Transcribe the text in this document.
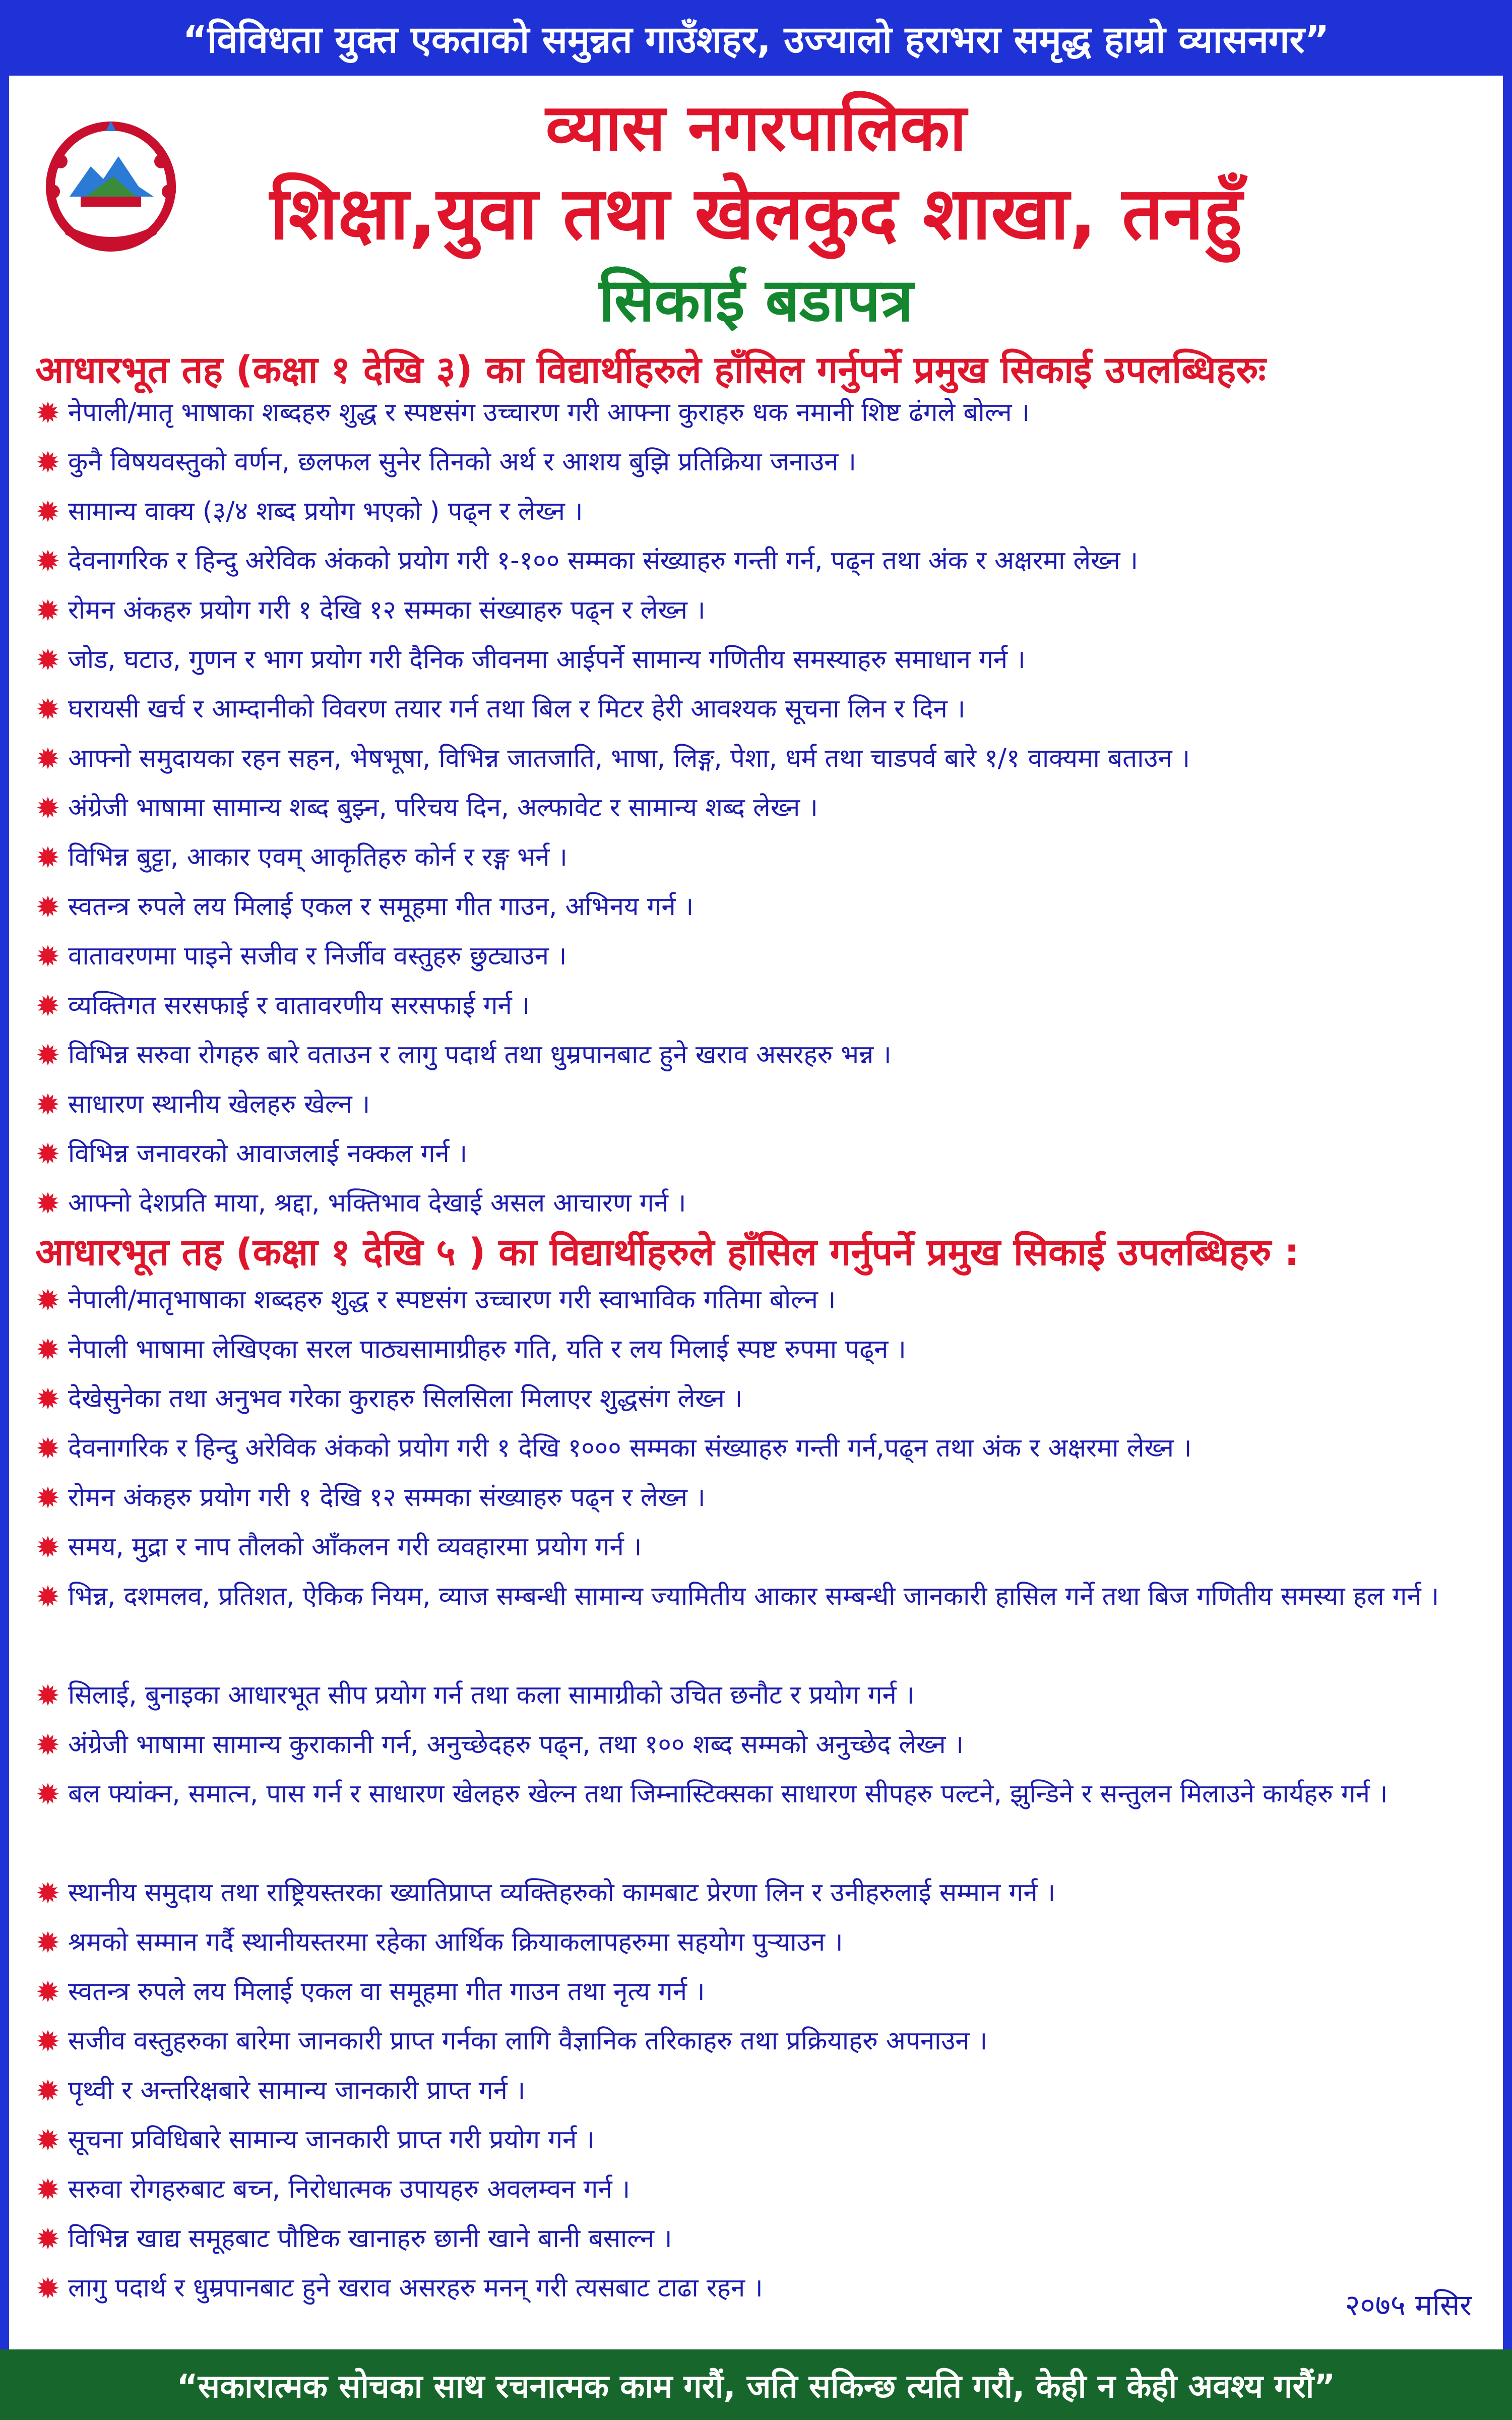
“विविधता युक्त एकताको समुन्नत गाउँशहर, उज्यालो हराभरा समृद्ध हाम्रो व्यासनगर”
व्यास नगरपालिका
शिक्षा,युवा तथा खेलकुद शाखा, तनहुँ
सिकाई बडापत्र
आधारभूत तह (कक्षा १ देखि ३) का विद्यार्थीहरुले हाँसिल गर्नुपर्ने प्रमुख सिकाई उपलब्धिहरुः
✹ नेपाली/मातृ भाषाका शब्दहरु शुद्ध र स्पष्टसंग उच्चारण गरी आफ्ना कुराहरु धक नमानी शिष्ट ढंगले बोल्न ।
✹ कुनै विषयवस्तुको वर्णन, छलफल सुनेर तिनको अर्थ र आशय बुझि प्रतिक्रिया जनाउन ।
✹ सामान्य वाक्य (३/४ शब्द प्रयोग भएको ) पढ्न र लेख्न ।
✹ देवनागरिक र हिन्दु अरेविक अंकको प्रयोग गरी १-१०० सम्मका संख्याहरु गन्ती गर्न, पढ्न तथा अंक र अक्षरमा लेख्न ।
✹ रोमन अंकहरु प्रयोग गरी १ देखि १२ सम्मका संख्याहरु पढ्न र लेख्न ।
✹ जोड, घटाउ, गुणन र भाग प्रयोग गरी दैनिक जीवनमा आईपर्ने सामान्य गणितीय समस्याहरु समाधान गर्न ।
✹ घरायसी खर्च र आम्दानीको विवरण तयार गर्न तथा बिल र मिटर हेरी आवश्यक सूचना लिन र दिन ।
✹ आफ्नो समुदायका रहन सहन, भेषभूषा, विभिन्न जातजाति, भाषा, लिङ्ग, पेशा, धर्म तथा चाडपर्व बारे १/१ वाक्यमा बताउन ।
✹ अंग्रेजी भाषामा सामान्य शब्द बुझ्न, परिचय दिन, अल्फावेट र सामान्य शब्द लेख्न ।
✹ विभिन्न बुट्टा, आकार एवम् आकृतिहरु कोर्न र रङ्ग भर्न ।
✹ स्वतन्त्र रुपले लय मिलाई एकल र समूहमा गीत गाउन, अभिनय गर्न ।
✹ वातावरणमा पाइने सजीव र निर्जीव वस्तुहरु छुट्याउन ।
✹ व्यक्तिगत सरसफाई र वातावरणीय सरसफाई गर्न ।
✹ विभिन्न सरुवा रोगहरु बारे वताउन र लागु पदार्थ तथा धुम्रपानबाट हुने खराव असरहरु भन्न ।
✹ साधारण स्थानीय खेलहरु खेल्न ।
✹ विभिन्न जनावरको आवाजलाई नक्कल गर्न ।
✹ आफ्नो देशप्रति माया, श्रद्दा, भक्तिभाव देखाई असल आचारण गर्न ।
आधारभूत तह (कक्षा १ देखि ५ ) का विद्यार्थीहरुले हाँसिल गर्नुपर्ने प्रमुख सिकाई उपलब्धिहरु :
✹ नेपाली/मातृभाषाका शब्दहरु शुद्ध र स्पष्टसंग उच्चारण गरी स्वाभाविक गतिमा बोल्न ।
✹ नेपाली भाषामा लेखिएका सरल पाठ्यसामाग्रीहरु गति, यति र लय मिलाई स्पष्ट रुपमा पढ्न ।
✹ देखेसुनेका तथा अनुभव गरेका कुराहरु सिलसिला मिलाएर शुद्धसंग लेख्न ।
✹ देवनागरिक र हिन्दु अरेविक अंकको प्रयोग गरी १ देखि १००० सम्मका संख्याहरु गन्ती गर्न,पढ्न तथा अंक र अक्षरमा लेख्न ।
✹ रोमन अंकहरु प्रयोग गरी १ देखि १२ सम्मका संख्याहरु पढ्न र लेख्न ।
✹ समय, मुद्रा र नाप तौलको आँकलन गरी व्यवहारमा प्रयोग गर्न ।
✹ भिन्न, दशमलव, प्रतिशत, ऐकिक नियम, व्याज सम्बन्धी सामान्य ज्यामितीय आकार सम्बन्धी जानकारी हासिल गर्ने तथा बिज गणितीय समस्या हल गर्न ।
✹ सिलाई, बुनाइका आधारभूत सीप प्रयोग गर्न तथा कला सामाग्रीको उचित छनौट र प्रयोग गर्न ।
✹ अंग्रेजी भाषामा सामान्य कुराकानी गर्न, अनुच्छेदहरु पढ्न, तथा १०० शब्द सम्मको अनुच्छेद लेख्न ।
✹ बल फ्यांक्न, समात्न, पास गर्न र साधारण खेलहरु खेल्न तथा जिम्नास्टिक्सका साधारण सीपहरु पल्टने, झुन्डिने र सन्तुलन मिलाउने कार्यहरु गर्न ।
✹ स्थानीय समुदाय तथा राष्ट्रियस्तरका ख्यातिप्राप्त व्यक्तिहरुको कामबाट प्रेरणा लिन र उनीहरुलाई सम्मान गर्न ।
✹ श्रमको सम्मान गर्दै स्थानीयस्तरमा रहेका आर्थिक क्रियाकलापहरुमा सहयोग पुर्‍याउन ।
✹ स्वतन्त्र रुपले लय मिलाई एकल वा समूहमा गीत गाउन तथा नृत्य गर्न ।
✹ सजीव वस्तुहरुका बारेमा जानकारी प्राप्त गर्नका लागि वैज्ञानिक तरिकाहरु तथा प्रक्रियाहरु अपनाउन ।
✹ पृथ्वी र अन्तरिक्षबारे सामान्य जानकारी प्राप्त गर्न ।
✹ सूचना प्रविधिबारे सामान्य जानकारी प्राप्त गरी प्रयोग गर्न ।
✹ सरुवा रोगहरुबाट बच्न, निरोधात्मक उपायहरु अवलम्वन गर्न ।
✹ विभिन्न खाद्य समूहबाट पौष्टिक खानाहरु छानी खाने बानी बसाल्न ।
✹ लागु पदार्थ र धुम्रपानबाट हुने खराव असरहरु मनन् गरी त्यसबाट टाढा रहन ।	२०७५ मसिर
“सकारात्मक सोचका साथ रचनात्मक काम गरौं, जति सकिन्छ त्यति गरौ, केही न केही अवश्य गरौं”
